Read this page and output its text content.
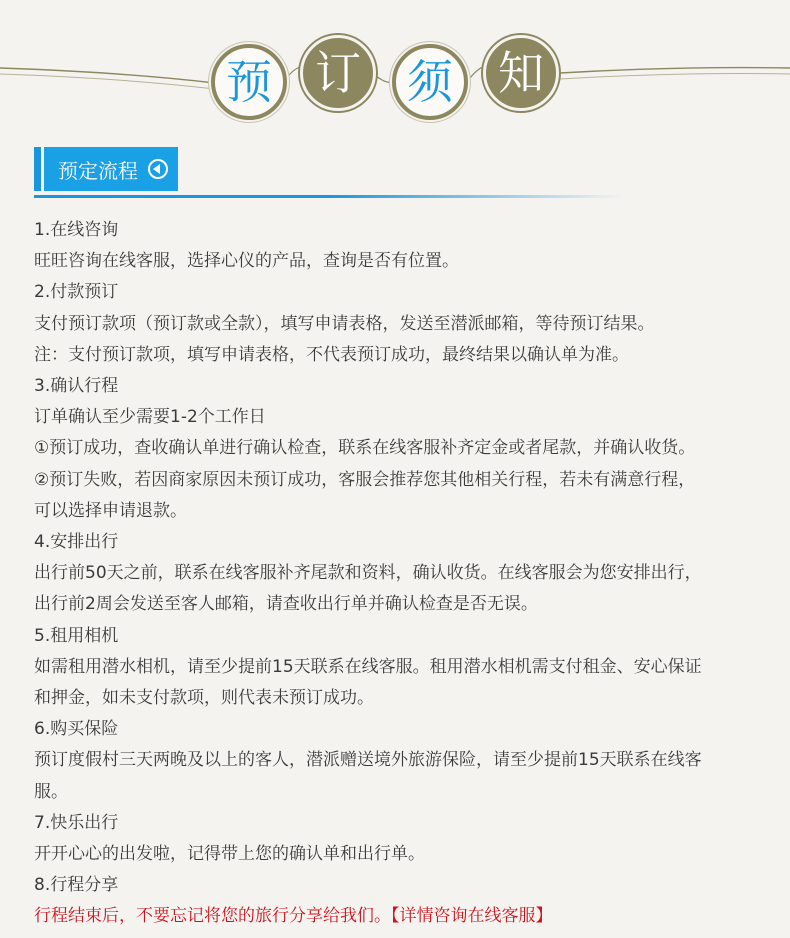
预 订	须 知
预定流程
1.在线咨询
旺旺咨询在线客服，选择心仪的产品，查询是否有位置。
2.付款预订
支付预订款项（预订款或全款），填写申请表格，发送至潜派邮箱，等待预订结果。
注：支付预订款项，填写申请表格，不代表预订成功，最终结果以确认单为准。
3.确认行程
订单确认至少需要1-2个工作日
①预订成功，查收确认单进行确认检查，联系在线客服补齐定金或者尾款，并确认收货。
②预订失败，若因商家原因未预订成功，客服会推荐您其他相关行程，若未有满意行程，
可以选择申请退款。
4.安排出行
出行前50天之前，联系在线客服补齐尾款和资料，确认收货。在线客服会为您安排出行，
出行前2周会发送至客人邮箱，请查收出行单并确认检查是否无误。
5.租用相机
如需租用潜水相机，请至少提前15天联系在线客服。租用潜水相机需支付租金、安心保证
和押金，如未支付款项，则代表未预订成功。
6.购买保险
预订度假村三天两晚及以上的客人，潜派赠送境外旅游保险，请至少提前15天联系在线客
服。
7.快乐出行
开开心心的出发啦，记得带上您的确认单和出行单。
8.行程分享
行程结束后，不要忘记将您的旅行分享给我们。【详情咨询在线客服】
